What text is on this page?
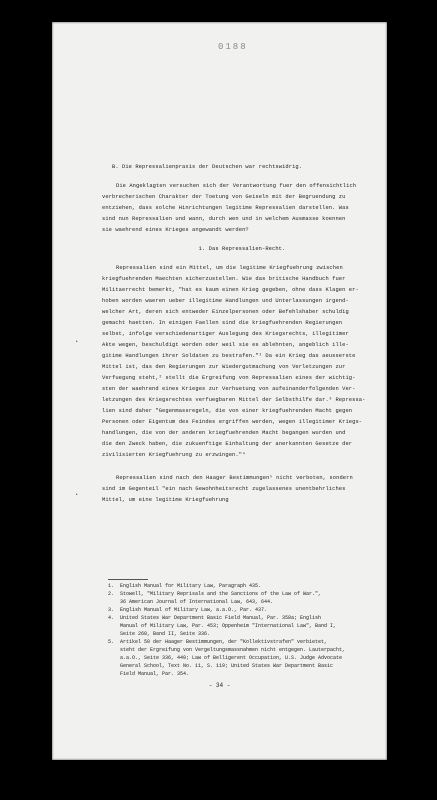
0188
·
·
B. Die Repressalienpraxis der Deutschen war rechtswidrig.
Die Angeklagten versuchen sich der Verantwortung fuer den offensichtlich
verbrecherischen Charakter der Toetung von Geiseln mit der Begruendung zu
entziehen, dass solche Hinrichtungen legitime Repressalien darstellen. Was
sind nun Repressalien und wann, durch wen und in welchem Ausmasse koennen
sie waehrend eines Krieges angewandt werden?
1. Das Repressalien-Recht.
Repressalien sind ein Mittel, um die legitime Kriegfuehrung zwischen
kriegfuehrenden Maechten sicherzustellen. Wie das britische Handbuch fuer
Militaerrecht bemerkt, "hat es kaum einen Krieg gegeben, ohne dass Klagen er-
hoben worden waeren ueber illegitime Handlungen und Unterlassungen irgend-
welcher Art, deren sich entweder Einzelpersonen oder Befehlshaber schuldig
gemacht haetten. In einigen Faellen sind die kriegfuehrenden Regierungen
selbst, infolge verschiedenartiger Auslegung des Kriegsrechts, illegitimer
Akte wegen, beschuldigt worden oder weil sie es ablehnten, angeblich ille-
gitime Handlungen ihrer Soldaten zu bestrafen."¹ Da ein Krieg das aeusserste
Mittel ist, das den Regierungen zur Wiedergutmachung von Verletzungen zur
Verfuegung steht,² stellt die Ergreifung von Repressalien eines der wichtig-
sten der waehrend eines Krieges zur Verhuetung von aufeinanderfolgenden Ver-
letzungen des Kriegsrechtes verfuegbaren Mittel der Selbsthilfe dar.³ Repressa-
lien sind daher "Gegenmassregeln, die von einer kriegfuehrenden Macht gegen
Personen oder Eigentum des Feindes ergriffen werden, wegen illegitimer Kriegs-
handlungen, die von der anderen kriegfuehrenden Macht begangen wurden und
die den Zweck haben, die zukuenftige Einhaltung der anerkannten Gesetze der
zivilisierten Kriegfuehrung zu erzwingen."⁴
Repressalien sind nach den Haager Bestimmungen⁵ nicht verboten, sondern
sind im Gegenteil "ein nach Gewohnheitsrecht zugelassenes unentbehrliches
Mittel, um eine legitime Kriegfuehrung
1.	English Manual for Military Law, Paragraph 435.
2.	Stowell, "Military Reprisals and the Sanctions of the Law of War.",
36 American Journal of International Law, 643, 644.
3.	English Manual of Military Law, a.a.O., Par. 437.
4.	United States War Department Basic Field Manual, Par. 358a; English
Manual of Military Law, Par. 453; Oppenheim "International Law", Band I,
Seite 260, Band II, Seite 336.
5.	Artikel 50 der Haager Bestimmungen, der "Kollektivstrafen" verbietet,
steht der Ergreifung von Vergeltungsmassnahmen nicht entgegen. Lauterpacht,
a.a.O., Seite 336, 449; Law of Belligerent Occupation, U.S. Judge Advocate
General School, Text No. 11, S. 119; United States War Department Basic
Field Manual, Par. 354.
- 34 -
